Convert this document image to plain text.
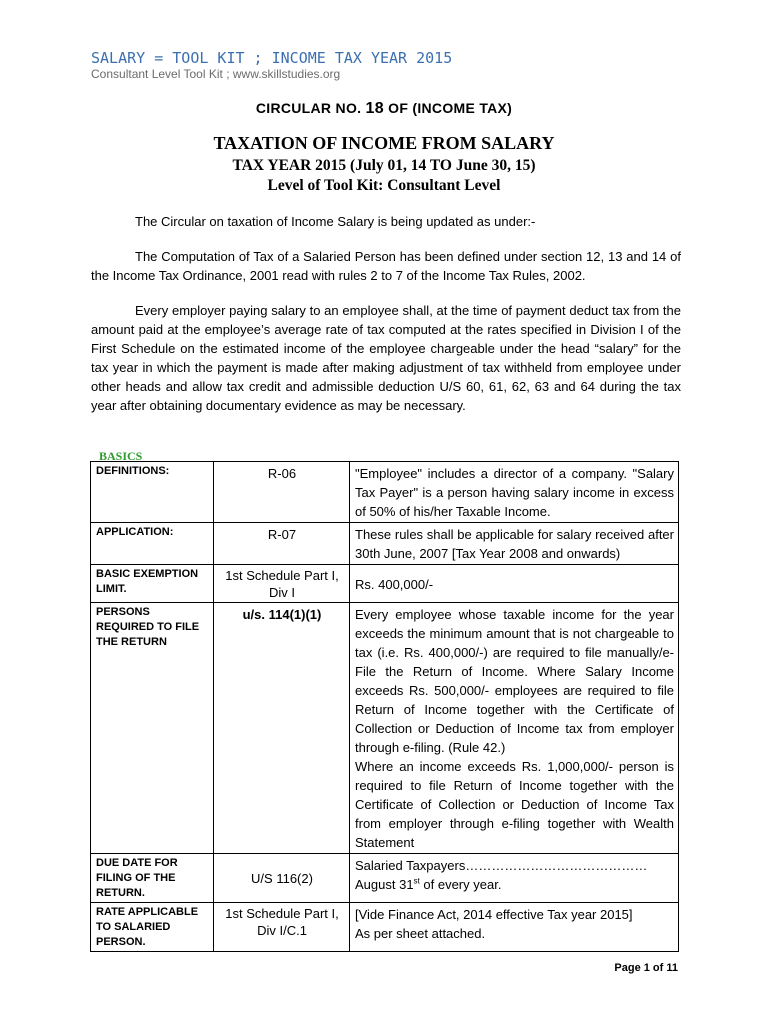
SALARY = TOOL KIT ; INCOME TAX YEAR 2015
Consultant Level Tool Kit ; www.skillstudies.org
CIRCULAR NO. 18 OF (INCOME TAX)
TAXATION OF INCOME FROM SALARY
TAX YEAR 2015 (July 01, 14 TO June 30, 15)
Level of Tool Kit: Consultant Level
The Circular on taxation of Income Salary is being updated as under:-
The Computation of Tax of a Salaried Person has been defined under section 12, 13 and 14 of the Income Tax Ordinance, 2001 read with rules 2 to 7 of the Income Tax Rules, 2002.
Every employer paying salary to an employee shall, at the time of payment deduct tax from the amount paid at the employee’s average rate of tax computed at the rates specified in Division I of the First Schedule on the estimated income of the employee chargeable under the head “salary” for the tax year in which the payment is made after making adjustment of tax withheld from employee under other heads and allow tax credit and admissible deduction U/S 60, 61, 62, 63 and 64 during the tax year after obtaining documentary evidence as may be necessary.
BASICS
DEFINITIONS:	R-06	"Employee" includes a director of a company. "Salary Tax Payer" is a person having salary income in excess of 50% of his/her Taxable Income.
APPLICATION:	R-07	These rules shall be applicable for salary received after 30th June, 2007 [Tax Year 2008 and onwards)
BASIC EXEMPTION LIMIT.	1st Schedule Part I, Div I	Rs. 400,000/-
PERSONS REQUIRED TO FILE THE RETURN	u/s. 114(1)(1)	Every employee whose taxable income for the year exceeds the minimum amount that is not chargeable to tax (i.e. Rs. 400,000/-) are required to file manually/e-File the Return of Income. Where Salary Income exceeds Rs. 500,000/- employees are required to file Return of Income together with the Certificate of Collection or Deduction of Income tax from employer through e-filing. (Rule 42.)
Where an income exceeds Rs. 1,000,000/- person is required to file Return of Income together with the Certificate of Collection or Deduction of Income Tax from employer through e-filing together with Wealth Statement

DUE DATE FOR FILING OF THE RETURN.	U/S 116(2)	Salaried Taxpayers……………………………………
August 31st of every year.

RATE APPLICABLE TO SALARIED PERSON.	1st Schedule Part I, Div I/C.1	[Vide Finance Act, 2014 effective Tax year 2015]
As per sheet attached.
Page 1 of 11
